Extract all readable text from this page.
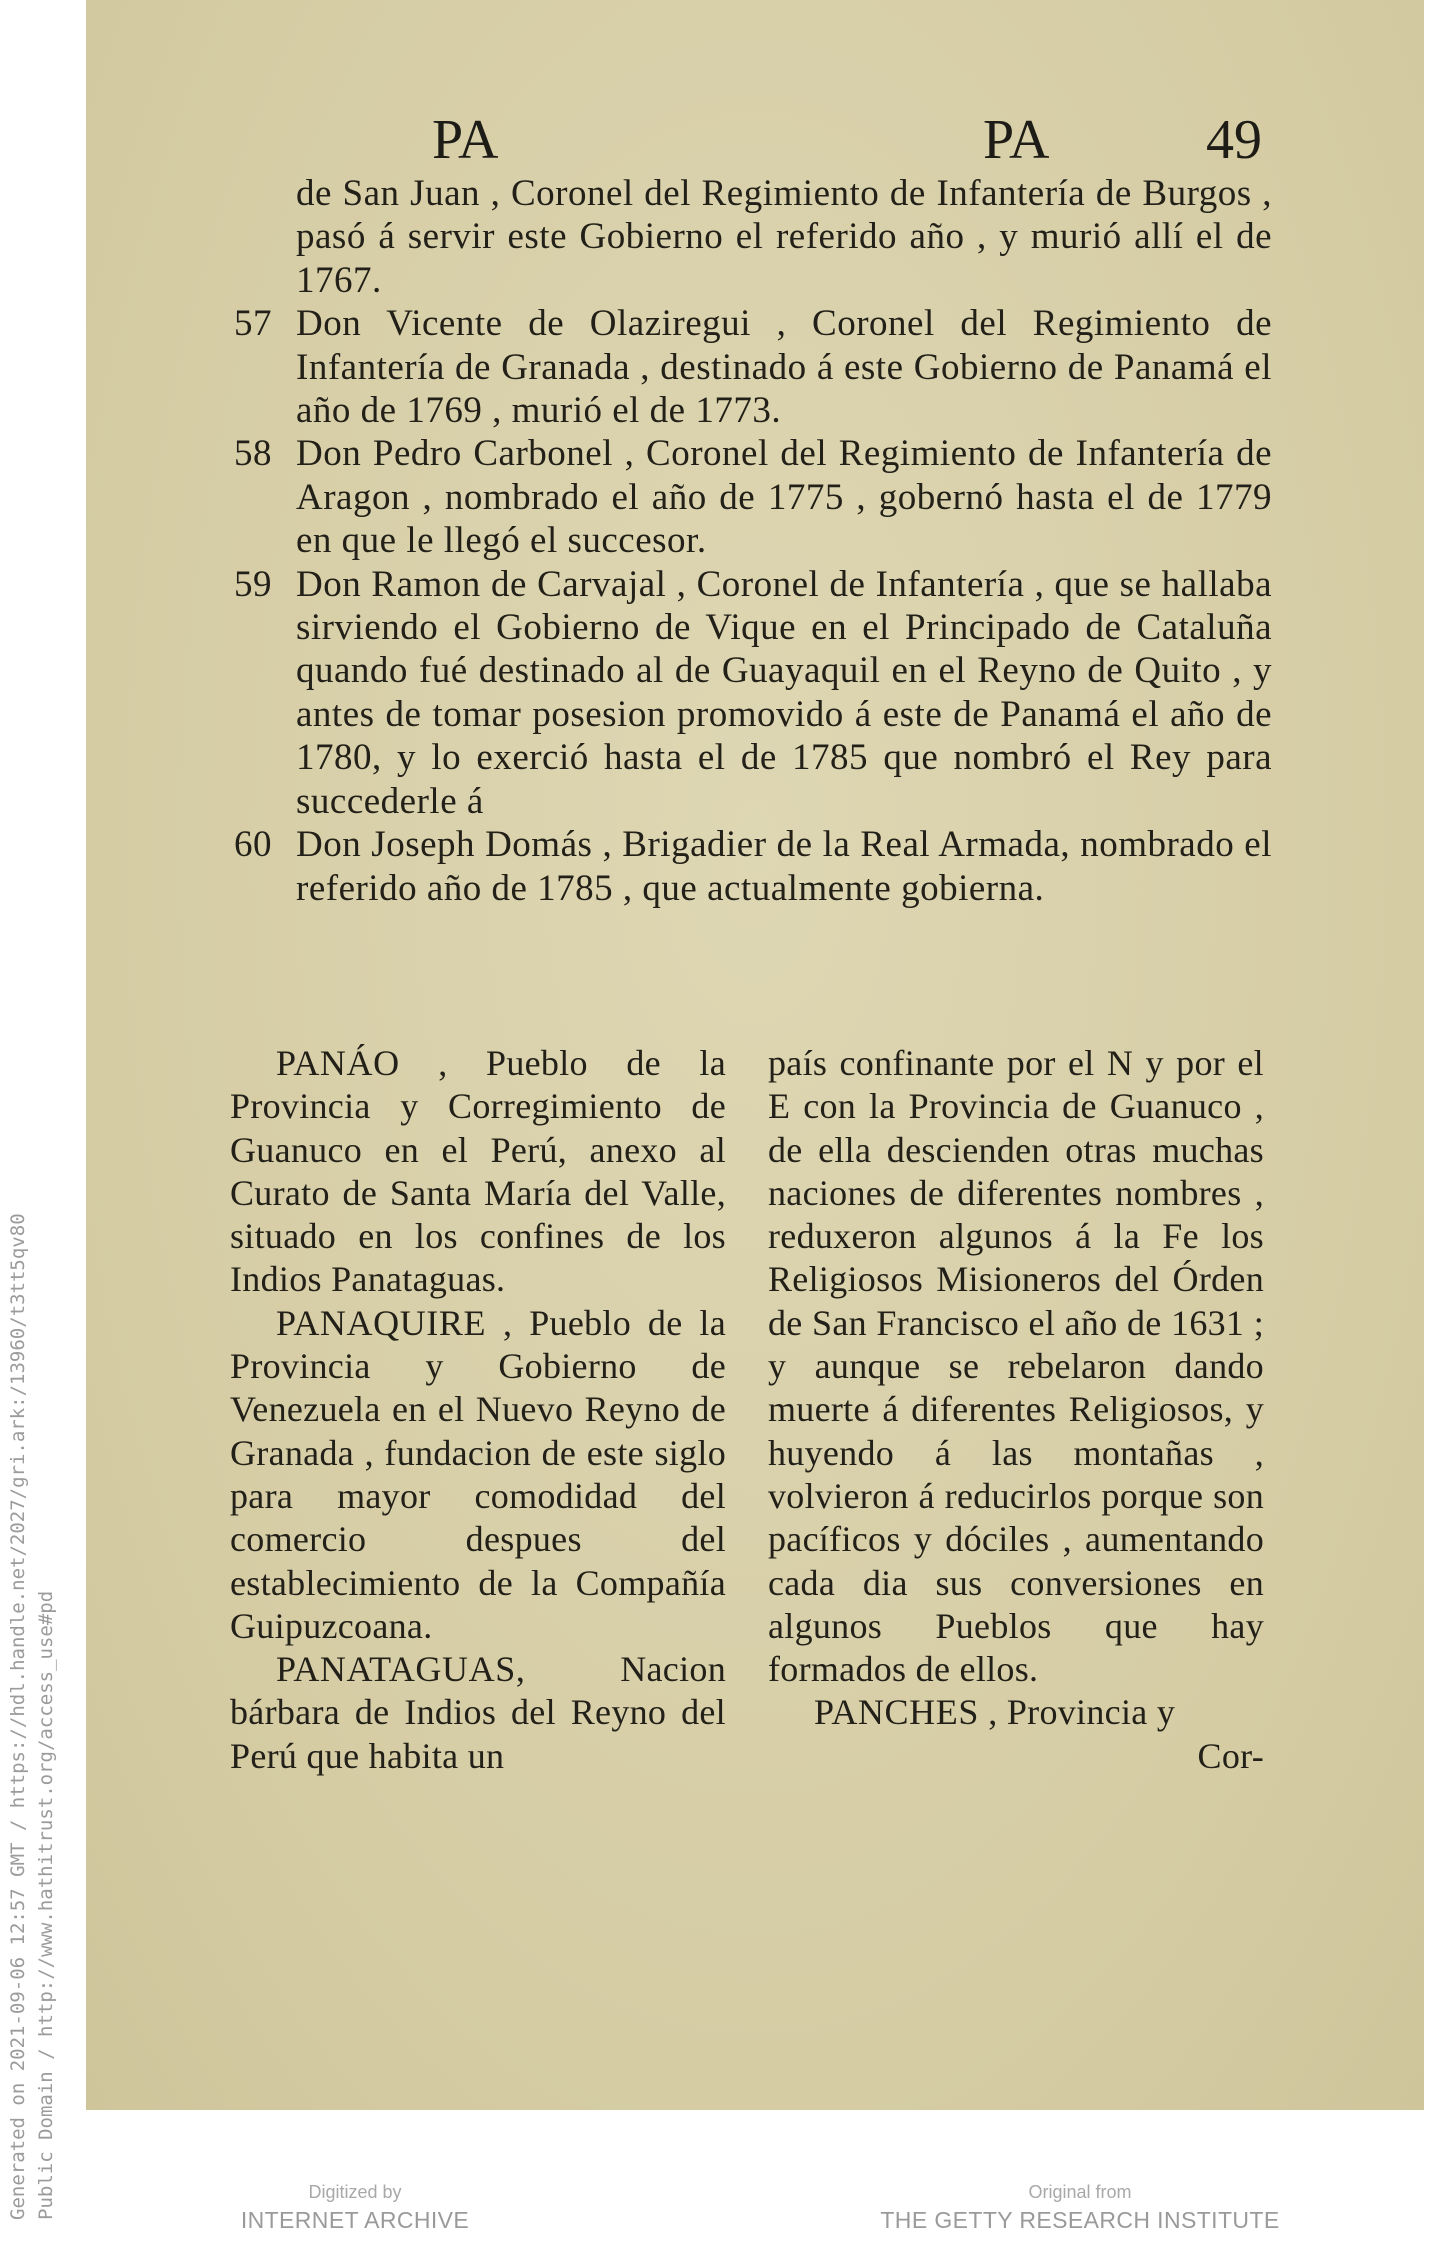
Generated on 2021-09-06 12:57 GMT / https://hdl.handle.net/2027/gri.ark:/13960/t3tt5qv80 Public Domain / http://www.hathitrust.org/access_use#pd
PA	PA	49
de San Juan , Coronel del Regimiento de Infantería de Burgos , pasó á servir este Gobierno el referido año , y murió allí el de 1767.
57 Don Vicente de Olaziregui , Coronel del Regimiento de Infantería de Granada , destinado á este Gobierno de Panamá el año de 1769 , murió el de 1773.
58 Don Pedro Carbonel , Coronel del Regimiento de Infantería de Aragon , nombrado el año de 1775 , gobernó hasta el de 1779 en que le llegó el succesor.
59 Don Ramon de Carvajal , Coronel de Infantería , que se hallaba sirviendo el Gobierno de Vique en el Principado de Cataluña quando fué destinado al de Guayaquil en el Reyno de Quito , y antes de tomar posesion promovido á este de Panamá el año de 1780, y lo exerció hasta el de 1785 que nombró el Rey para succederle á
60 Don Joseph Domás , Brigadier de la Real Armada, nombrado el referido año de 1785 , que actualmente gobierna.

PANÁO , Pueblo de la Provincia y Corregimiento de Guanuco en el Perú, anexo al Curato de Santa María del Valle, situado en los confines de los Indios Panataguas.

PANAQUIRE , Pueblo de la Provincia y Gobierno de Venezuela en el Nuevo Reyno de Granada , fundacion de este siglo para mayor comodidad del comercio despues del establecimiento de la Compañía Guipuzcoana.

PANATAGUAS,	Nacion bárbara de Indios del Reyno del Perú que habita un

país confinante por el N y por el E con la Provincia de Guanuco , de ella descienden otras muchas naciones de diferentes nombres , reduxeron algunos á la Fe los Religiosos Misioneros del Órden de San Francisco el año de 1631 ; y aunque se rebelaron dando muerte á diferentes Religiosos, y huyendo á las montañas , volvieron á reducirlos porque son pacíficos y dóciles , aumentando cada dia sus conversiones en algunos Pueblos que hay formados de ellos.

PANCHES , Provincia y

Cor-
Digitized by
INTERNET ARCHIVE
Original from
THE GETTY RESEARCH INSTITUTE
